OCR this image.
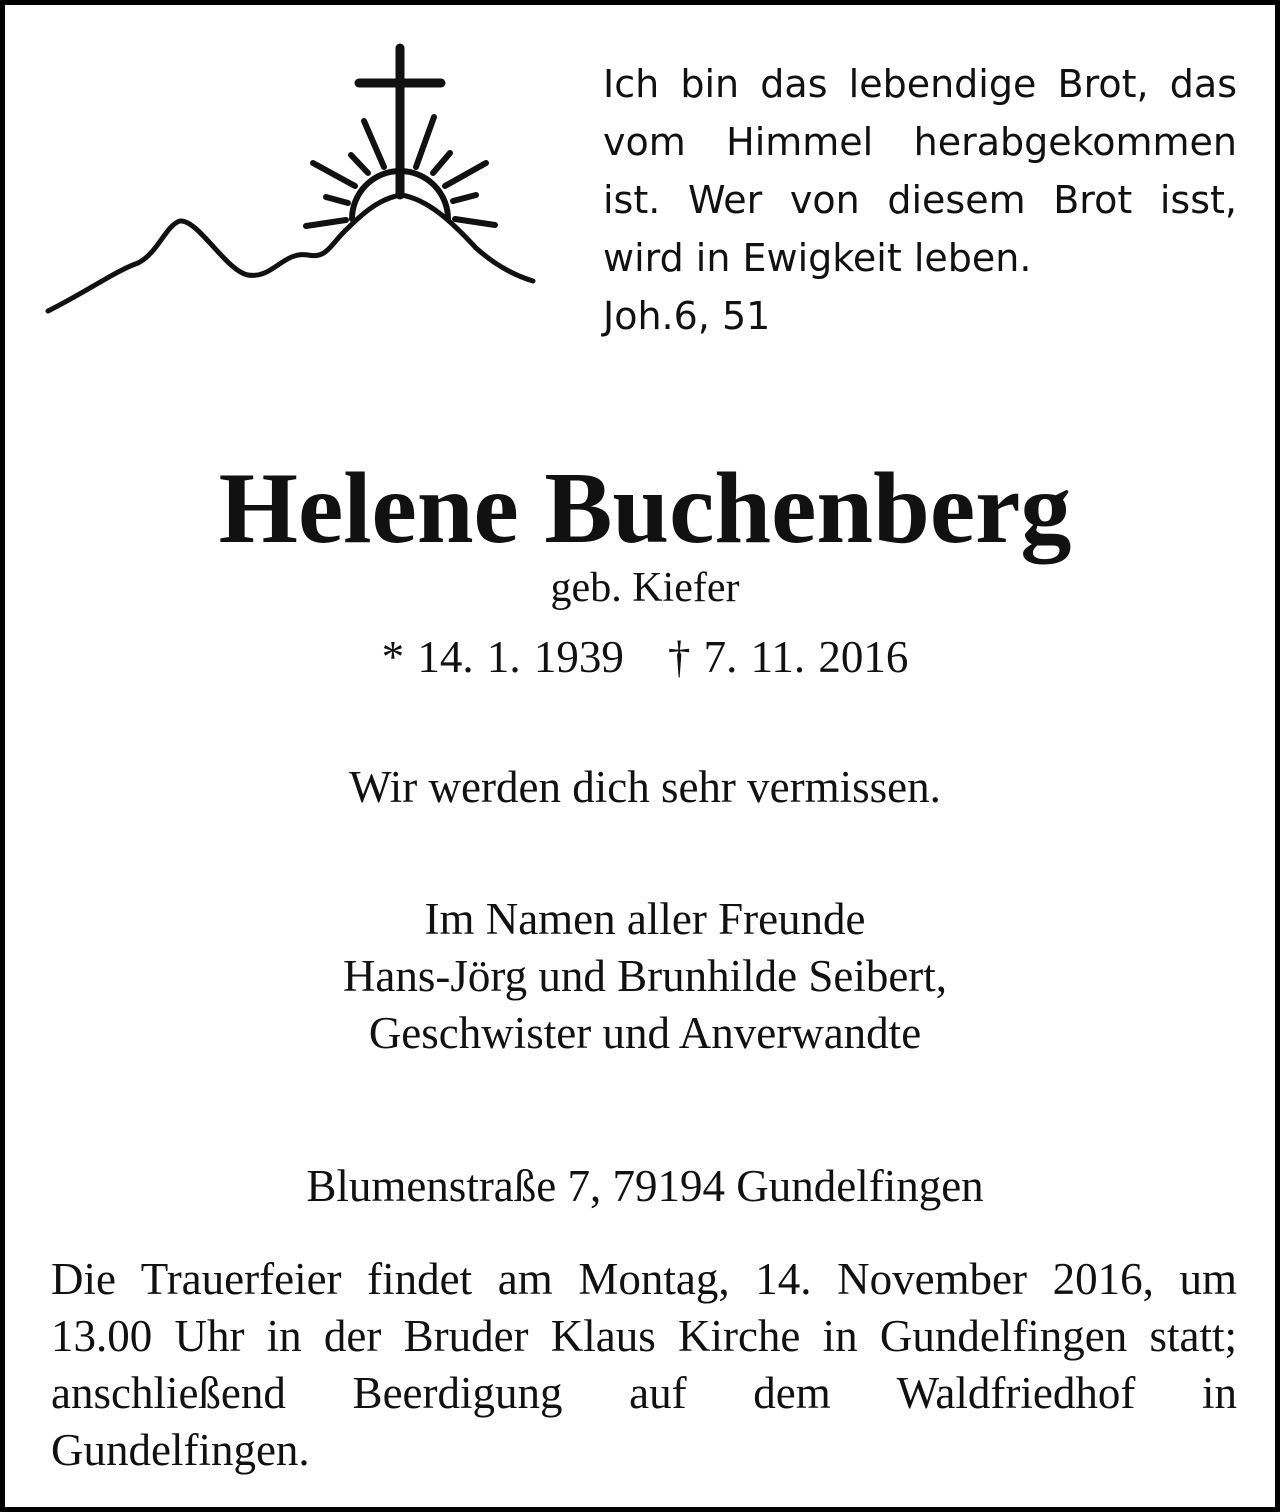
Ich bin das lebendige Brot, das
vom Himmel herabgekommen
ist. Wer von diesem Brot isst,
wird in Ewigkeit leben.
Joh.6, 51
Helene Buchenberg
geb. Kiefer
* 14. 1. 1939 † 7. 11. 2016
Wir werden dich sehr vermissen.
Im Namen aller Freunde
Hans-Jörg und Brunhilde Seibert,
Geschwister und Anverwandte
Blumenstraße 7, 79194 Gundelfingen
Die Trauerfeier findet am Montag, 14. November 2016, um
13.00 Uhr in der Bruder Klaus Kirche in Gundelfingen statt;
anschließend Beerdigung auf dem Waldfriedhof in
Gundelfingen.
